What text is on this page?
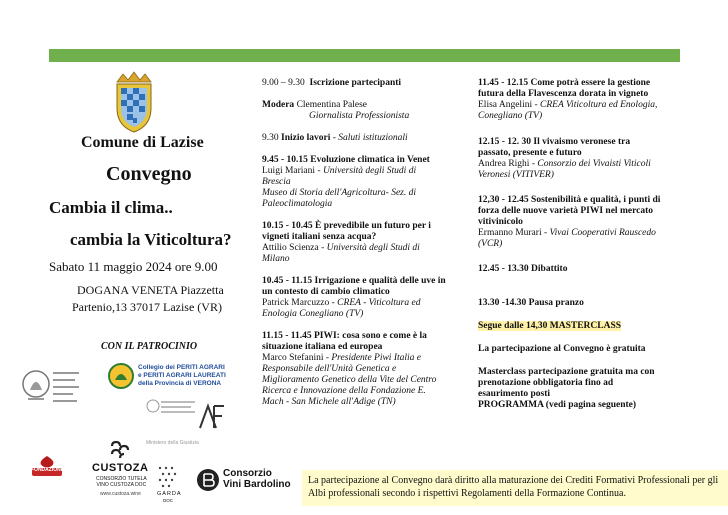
Comune di Lazise
Convegno
Cambia il clima..
cambia la Viticoltura?
Sabato 11 maggio 2024 ore 9.00
DOGANA VENETA Piazzetta
Partenio,13 37017 Lazise (VR)
CON IL PATROCINIO
Collegio dei PERITI AGRARI
e PERITI AGRARI LAUREATI
della Provincia di VERONA
Ministero della Giustizia
FONDAZIONE	CUSTOZA
CONSORZIO TUTELA
VINO CUSTOZA DOC
www.custoza.wine	GARDA
DOC
Consorzio
Vini Bardolino

9.00 – 9.30 Iscrizione partecipanti

Modera Clementina Palese

Giornalista Professionista

9.30 Inizio lavori - Saluti istituzionali

9.45 - 10.15 Evoluzione climatica in Venet

Luigi Mariani - Università degli Studi di

Brescia

Museo di Storia dell'Agricoltura- Sez. di

Paleoclimatologia

10.15 - 10.45 È prevedibile un futuro per i

vigneti italiani senza acqua?

Attilio Scienza - Università degli Studi di

Milano

10.45 - 11.15 Irrigazione e qualità delle uve in

un contesto di cambio climatico

Patrick Marcuzzo - CREA - Viticoltura ed

Enologia Conegliano (TV)

11.15 - 11.45 PIWI: cosa sono e come è la

situazione italiana ed europea

Marco Stefanini - Presidente Piwi Italia e

Responsabile dell'Unità Genetica e

Miglioramento Genetico della Vite del Centro

Ricerca e Innovazione della Fondazione E.

Mach - San Michele all'Adige (TN)

11.45 - 12.15 Come potrà essere la gestione

futura della Flavescenza dorata in vigneto

Elisa Angelini - CREA Viticoltura ed Enologia,

Conegliano (TV)

12.15 - 12. 30 Il vivaismo veronese tra

passato, presente e futuro

Andrea Righi - Consorzio dei Vivaisti Viticoli

Veronesi (VITIVER)

12,30 - 12.45 Sostenibilità e qualità, i punti di

forza delle nuove varietà PIWI nel mercato

vitivinicolo

Ermanno Murari - Vivai Cooperativi Rauscedo

(VCR)

12.45 - 13.30 Dibattito

13.30 -14.30 Pausa pranzo

Segue dalle 14,30 MASTERCLASS

La partecipazione al Convegno è gratuita

Masterclass partecipazione gratuita ma con

prenotazione obbligatoria fino ad

esaurimento posti

PROGRAMMA (vedi pagina seguente)

La partecipazione al Convegno darà diritto alla maturazione dei Crediti Formativi Professionali per gli Albi professionali secondo i rispettivi Regolamenti della Formazione Continua.
